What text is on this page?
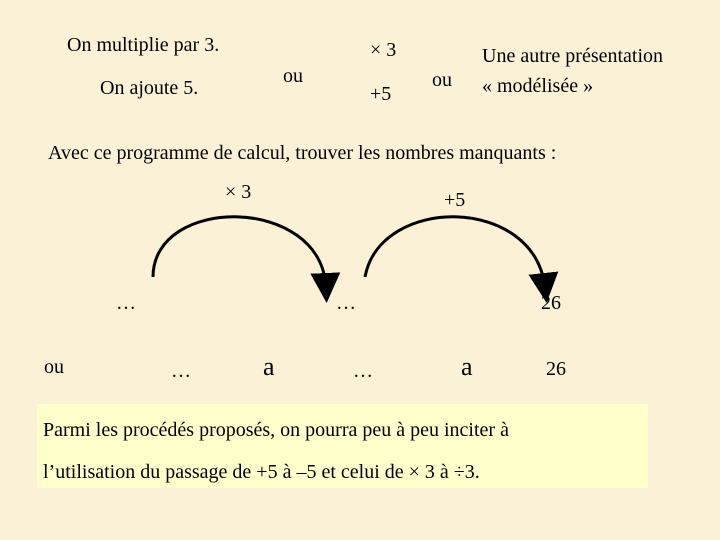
On multiplie par 3.
On ajoute 5.
ou
× 3
+5
ou
Une autre présentation
« modélisée »
Avec ce programme de calcul, trouver les nombres manquants :
× 3	+5
…	…	26
ou	…	a	…	a	26
Parmi les procédés proposés, on pourra peu à peu inciter à
l’utilisation du passage de +5 à –5 et celui de × 3 à ÷3.
